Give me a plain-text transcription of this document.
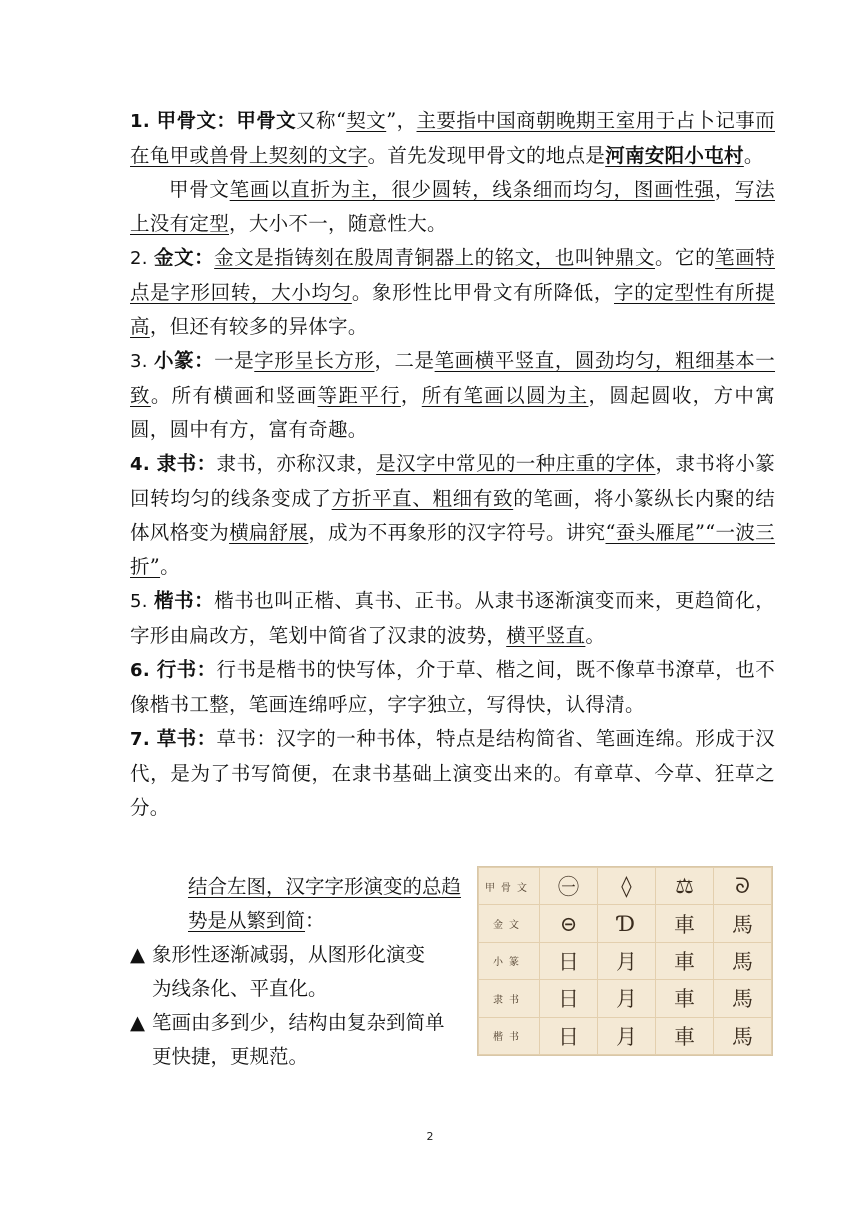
1. 甲骨文：甲骨文又称“契文”，主要指中国商朝晚期王室用于占卜记事而在龟甲或兽骨上契刻的文字。首先发现甲骨文的地点是河南安阳小屯村。

甲骨文笔画以直折为主，很少圆转，线条细而均匀，图画性强，写法上没有定型，大小不一，随意性大。

2. 金文：金文是指铸刻在殷周青铜器上的铭文，也叫钟鼎文。它的笔画特点是字形回转，大小均匀。象形性比甲骨文有所降低，字的定型性有所提高，但还有较多的异体字。

3. 小篆：一是字形呈长方形，二是笔画横平竖直，圆劲均匀，粗细基本一致。所有横画和竖画等距平行，所有笔画以圆为主，圆起圆收，方中寓圆，圆中有方，富有奇趣。

4. 隶书：隶书，亦称汉隶，是汉字中常见的一种庄重的字体，隶书将小篆回转均匀的线条变成了方折平直、粗细有致的笔画，将小篆纵长内聚的结体风格变为横扁舒展，成为不再象形的汉字符号。讲究“蚕头雁尾”“一波三折”。

5. 楷书：楷书也叫正楷、真书、正书。从隶书逐渐演变而来，更趋简化，字形由扁改方，笔划中简省了汉隶的波势，横平竖直。

6. 行书：行书是楷书的快写体，介于草、楷之间，既不像草书潦草，也不像楷书工整，笔画连绵呼应，字字独立，写得快，认得清。

7. 草书：草书：汉字的一种书体，特点是结构简省、笔画连绵。形成于汉代，是为了书写简便，在隶书基础上演变出来的。有章草、今草、狂草之分。

结合左图，汉字字形演变的总趋势是从繁到简：

▲ 象形性逐渐减弱，从图形化演变
为线条化、平直化。
▲ 笔画由多到少，结构由复杂到简单
更快捷，更规范。
甲骨文	㊀	◊	⚖	ᘐ
金文	⊝	Ɗ	車	馬
小篆	日	月	車	馬
隶书	日	月	車	馬
楷书	日	月	車	馬
2
